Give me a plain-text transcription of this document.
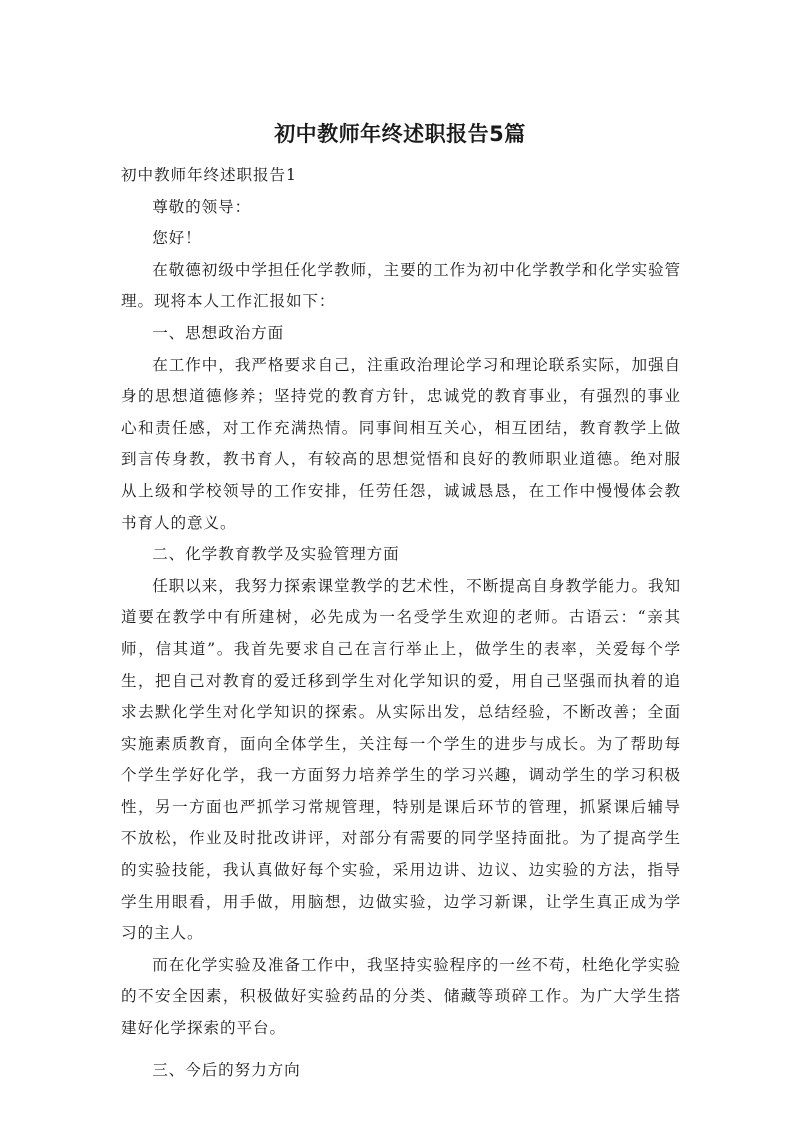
初中教师年终述职报告5篇

初中教师年终述职报告1

尊敬的领导：

您好！

在敬德初级中学担任化学教师，主要的工作为初中化学教学和化学实验管理。现将本人工作汇报如下：

一、思想政治方面

在工作中，我严格要求自己，注重政治理论学习和理论联系实际，加强自身的思想道德修养；坚持党的教育方针，忠诚党的教育事业，有强烈的事业心和责任感，对工作充满热情。同事间相互关心，相互团结，教育教学上做到言传身教，教书育人，有较高的思想觉悟和良好的教师职业道德。绝对服从上级和学校领导的工作安排，任劳任怨，诚诚恳恳，在工作中慢慢体会教书育人的意义。

二、化学教育教学及实验管理方面

任职以来，我努力探索课堂教学的艺术性，不断提高自身教学能力。我知道要在教学中有所建树，必先成为一名受学生欢迎的老师。古语云：“亲其师，信其道”。我首先要求自己在言行举止上，做学生的表率，关爱每个学生，把自己对教育的爱迁移到学生对化学知识的爱，用自己坚强而执着的追求去默化学生对化学知识的探索。从实际出发，总结经验，不断改善；全面实施素质教育，面向全体学生，关注每一个学生的进步与成长。为了帮助每个学生学好化学，我一方面努力培养学生的学习兴趣，调动学生的学习积极性，另一方面也严抓学习常规管理，特别是课后环节的管理，抓紧课后辅导不放松，作业及时批改讲评，对部分有需要的同学坚持面批。为了提高学生的实验技能，我认真做好每个实验，采用边讲、边议、边实验的方法，指导学生用眼看，用手做，用脑想，边做实验，边学习新课，让学生真正成为学习的主人。

而在化学实验及准备工作中，我坚持实验程序的一丝不苟，杜绝化学实验的不安全因素，积极做好实验药品的分类、储藏等琐碎工作。为广大学生搭建好化学探索的平台。

三、今后的努力方向
